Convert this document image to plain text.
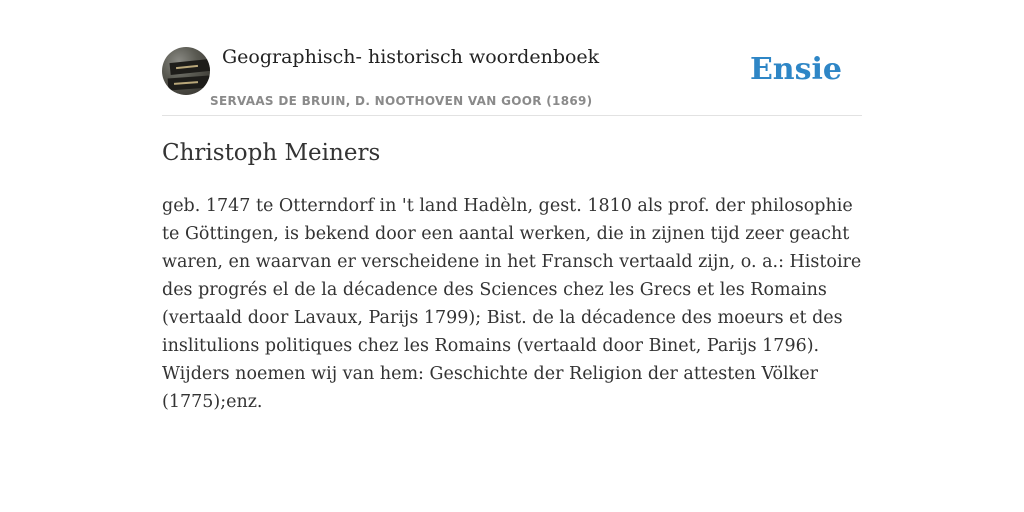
Geographisch- historisch woordenboek
SERVAAS DE BRUIN, D. NOOTHOVEN VAN GOOR (1869)
Ensie
Christoph Meiners

geb. 1747 te Otterndorf in 't land Hadèln, gest. 1810 als prof. der philosophie te Göttingen, is bekend door een aantal werken, die in zijnen tijd zeer geacht waren, en waarvan er verscheidene in het Fransch vertaald zijn, o. a.: Histoire des progrés el de la décadence des Sciences chez les Grecs et les Romains (vertaald door Lavaux, Parijs 1799); Bist. de la décadence des moeurs et des inslitulions politiques chez les Romains (vertaald door Binet, Parijs 1796). Wijders noemen wij van hem: Geschichte der Religion der attesten Völker (1775);enz.
